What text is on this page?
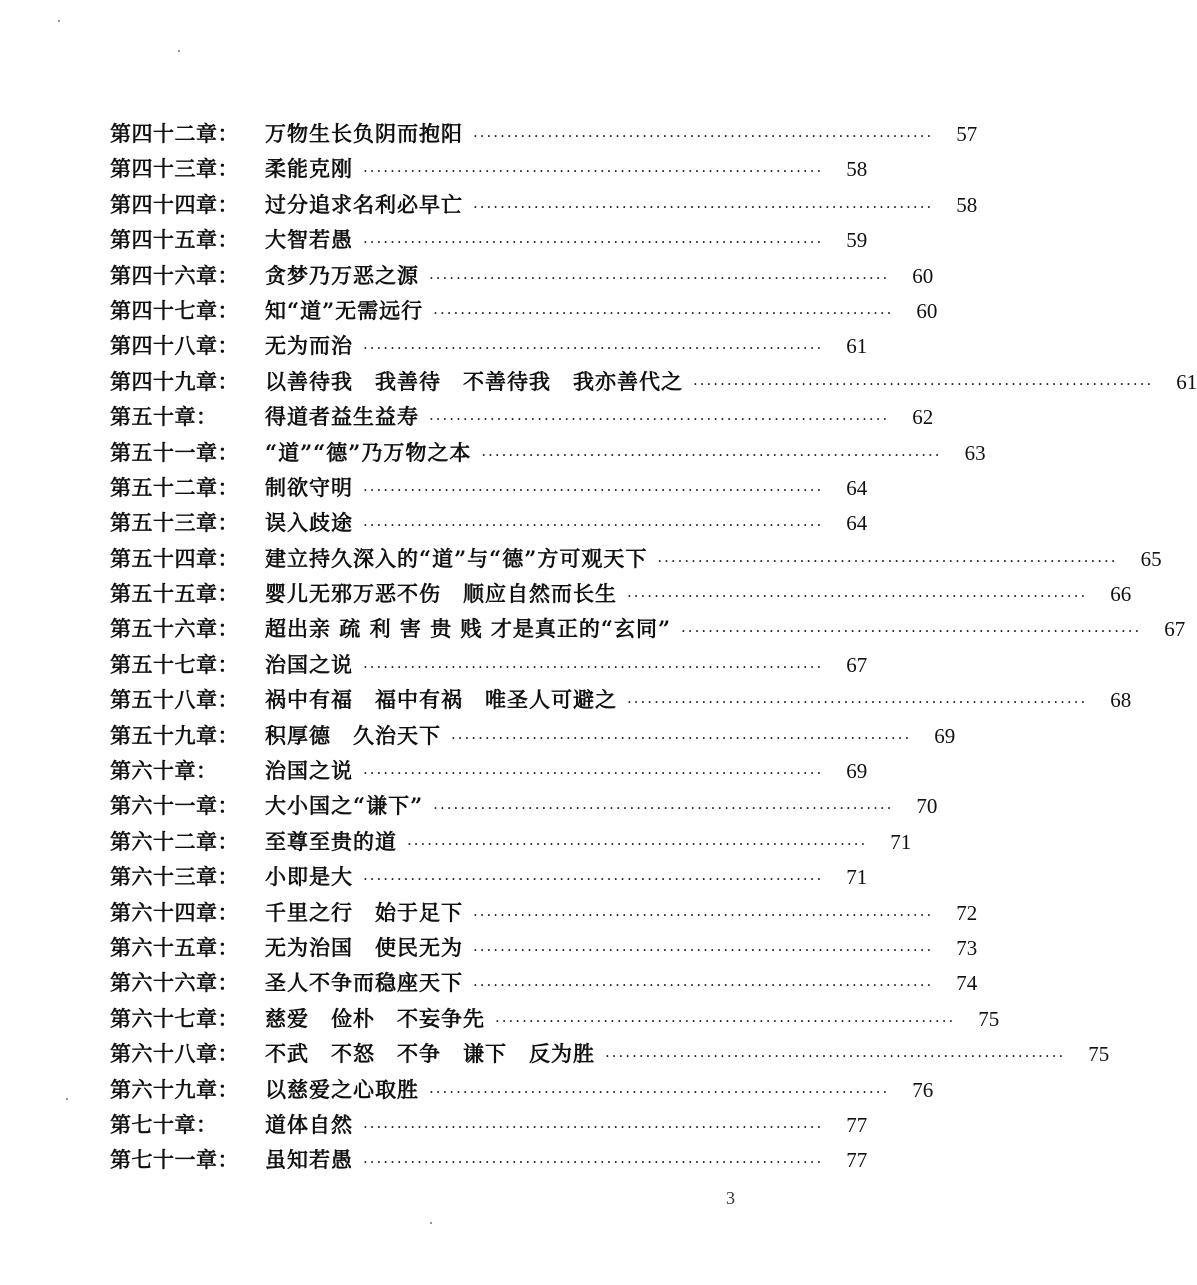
第四十二章：	万物生长负阴而抱阳 ····································································	57
第四十三章：	柔能克刚 ····································································	58
第四十四章：	过分追求名利必早亡 ····································································	58
第四十五章：	大智若愚 ····································································	59
第四十六章：	贪梦乃万恶之源 ····································································	60
第四十七章：	知“道”无需远行 ····································································	60
第四十八章：	无为而治 ····································································	61
第四十九章：	以善待我　我善待　不善待我　我亦善代之 ····································································	61
第五十章：	得道者益生益寿 ····································································	62
第五十一章：	“道”“德”乃万物之本 ····································································	63
第五十二章：	制欲守明 ····································································	64
第五十三章：	误入歧途 ····································································	64
第五十四章：	建立持久深入的“道”与“德”方可观天下 ····································································	65
第五十五章：	婴儿无邪万恶不伤　顺应自然而长生 ····································································	66
第五十六章：	超出亲 疏 利 害 贵 贱 才是真正的“玄同” ····································································	67
第五十七章：	治国之说 ····································································	67
第五十八章：	祸中有福　福中有祸　唯圣人可避之 ····································································	68
第五十九章：	积厚德　久治天下 ····································································	69
第六十章：	治国之说 ····································································	69
第六十一章：	大小国之“谦下” ····································································	70
第六十二章：	至尊至贵的道 ····································································	71
第六十三章：	小即是大 ····································································	71
第六十四章：	千里之行　始于足下 ····································································	72
第六十五章：	无为治国　使民无为 ····································································	73
第六十六章：	圣人不争而稳座天下 ····································································	74
第六十七章：	慈爱　俭朴　不妄争先 ····································································	75
第六十八章：	不武　不怒　不争　谦下　反为胜 ····································································	75
第六十九章：	以慈爱之心取胜 ····································································	76
第七十章：	道体自然 ····································································	77
第七十一章：	虽知若愚 ····································································	77
3
